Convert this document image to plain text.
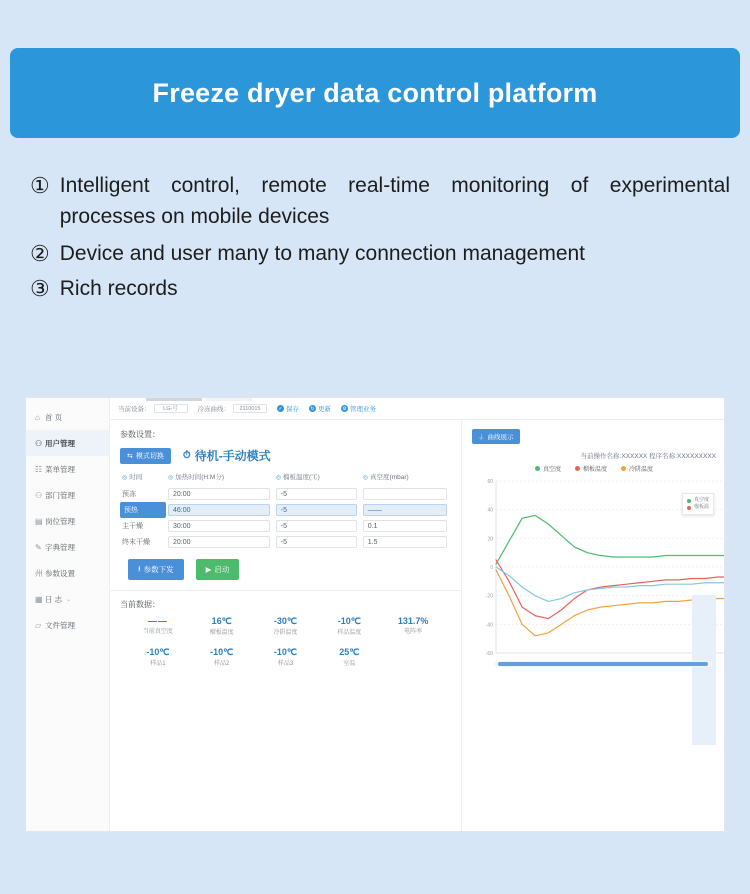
Freeze dryer data control platform
① Intelligent control, remote real-time monitoring of experimental processes on mobile devices
② Device and user many to many connection management
③ Rich records
⌂ 首 页
⚇ 用户管理
☷ 菜单管理
⚇ 部门管理
▤ 岗位管理
✎ 字典管理
州 参数设置
▦ 日 志 ⌄
▱ 文件管理
当前设备：	LG-号	冷冻曲线：	2110015	✓ 保存 ↻ 更新 ⚙ 管理业务
参数设置：
⇆ 模式切换 ⏱ 待机-手动模式
◎ 时间	◎ 加热时间(H:M分)	◎ 榴板温度(℃)	◎ 真空度(mbar)
预冻	20:00	-5	

预热	46:00	-5	——

主干燥	30:00	-5	0.1

终末干燥	20:00	-5	1.5
⭳ 参数下发	▶ 启动
当前数据：
——
当前真空度
16℃
榴板温度
-30℃
冷阱温度
-10℃
样品温度
131.7%
电阵率
-10℃
样品1
-10℃
样品2
-10℃
样品3
25℃
室温
⏚ 曲线展示
当前操作名称:XXXXXX 程序名称:XXXXXXXXX
真空度	榴板温度	冷阱温度
60
40
20
0
-20
-40
-60
真空度
榴板温
